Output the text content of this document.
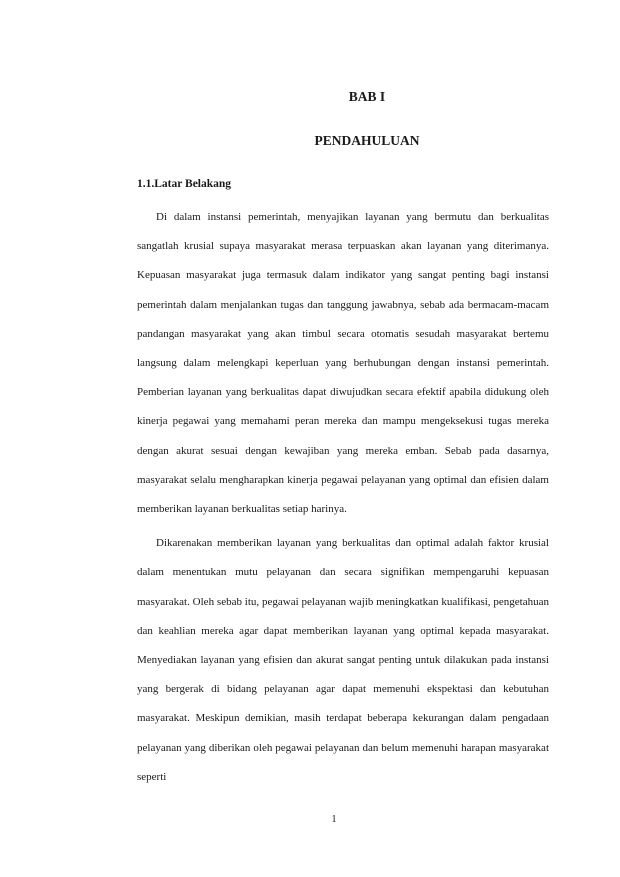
BAB I
PENDAHULUAN
1.1.Latar Belakang

Di dalam instansi pemerintah, menyajikan layanan yang bermutu dan berkualitas sangatlah krusial supaya masyarakat merasa terpuaskan akan layanan yang diterimanya. Kepuasan masyarakat juga termasuk dalam indikator yang sangat penting bagi instansi pemerintah dalam menjalankan tugas dan tanggung jawabnya, sebab ada bermacam-macam pandangan masyarakat yang akan timbul secara otomatis sesudah masyarakat bertemu langsung dalam melengkapi keperluan yang berhubungan dengan instansi pemerintah. Pemberian layanan yang berkualitas dapat diwujudkan secara efektif apabila didukung oleh kinerja pegawai yang memahami peran mereka dan mampu mengeksekusi tugas mereka dengan akurat sesuai dengan kewajiban yang mereka emban. Sebab pada dasarnya, masyarakat selalu mengharapkan kinerja pegawai pelayanan yang optimal dan efisien dalam memberikan layanan berkualitas setiap harinya.

Dikarenakan memberikan layanan yang berkualitas dan optimal adalah faktor krusial dalam menentukan mutu pelayanan dan secara signifikan mempengaruhi kepuasan masyarakat. Oleh sebab itu, pegawai pelayanan wajib meningkatkan kualifikasi, pengetahuan dan keahlian mereka agar dapat memberikan layanan yang optimal kepada masyarakat. Menyediakan layanan yang efisien dan akurat sangat penting untuk dilakukan pada instansi yang bergerak di bidang pelayanan agar dapat memenuhi ekspektasi dan kebutuhan masyarakat. Meskipun demikian, masih terdapat beberapa kekurangan dalam pengadaan pelayanan yang diberikan oleh pegawai pelayanan dan belum memenuhi harapan masyarakat seperti

1
